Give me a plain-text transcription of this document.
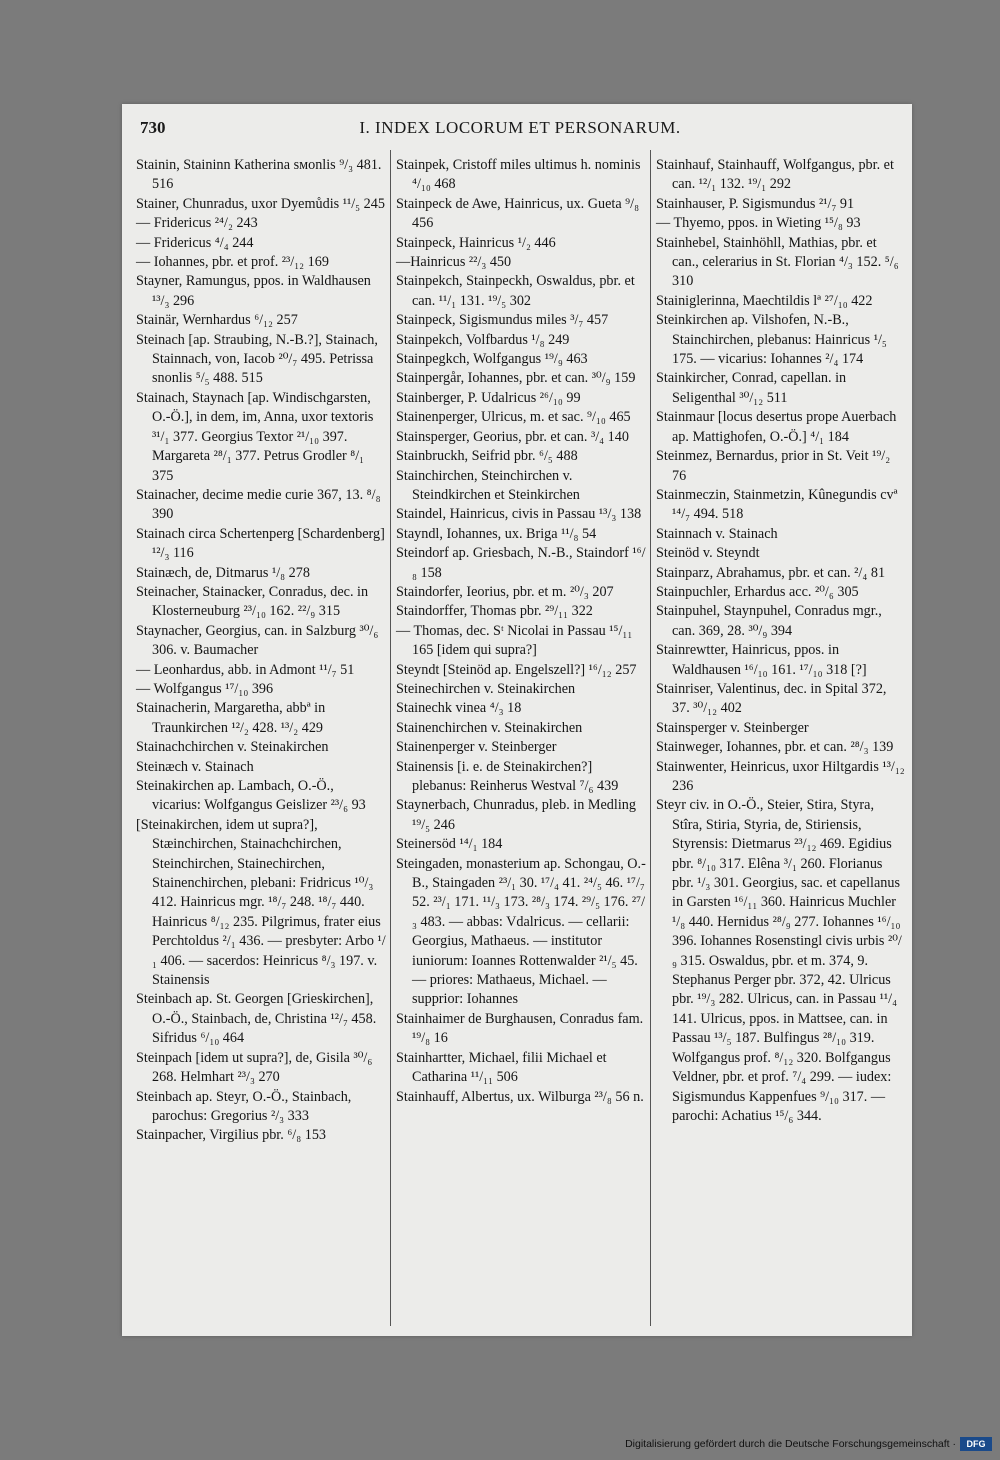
730	I. INDEX LOCORUM ET PERSONARUM.

Stainin, Staininn Katherina sмonlis ⁹/₃ 481. 516

Stainer, Chunradus, uxor Dyemůdis ¹¹/₅ 245

— Fridericus ²⁴/₂ 243

— Fridericus ⁴/₄ 244

— Iohannes, pbr. et prof. ²³/₁₂ 169

Stayner, Ramungus, ppos. in Waldhausen ¹³/₃ 296

Stainär, Wernhardus ⁶/₁₂ 257

Steinach [ap. Straubing, N.-B.?], Stainach, Stainnach, von, Iacob ²⁰/₇ 495. Petrissa snonlis ⁵/₅ 488. 515

Stainach, Staynach [ap. Windischgarsten, O.-Ö.], in dem, im, Anna, uxor textoris ³¹/₁ 377. Georgius Textor ²¹/₁₀ 397. Margareta ²⁸/₁ 377. Petrus Grodler ⁸/₁ 375

Stainacher, decime medie curie 367, 13. ⁸/₈ 390

Stainach circa Schertenperg [Schardenberg] ¹²/₃ 116

Stainæch, de, Ditmarus ¹/₈ 278

Steinacher, Stainacker, Conradus, dec. in Klosterneuburg ²³/₁₀ 162. ²²/₉ 315

Staynacher, Georgius, can. in Salzburg ³⁰/₆ 306. v. Baumacher

— Leonhardus, abb. in Admont ¹¹/₇ 51

— Wolfgangus ¹⁷/₁₀ 396

Stainacherin, Margaretha, abbª in Traunkirchen ¹²/₂ 428. ¹³/₂ 429

Stainachchirchen v. Steinakirchen

Steinæch v. Stainach

Steinakirchen ap. Lambach, O.-Ö., vicarius: Wolfgangus Geislizer ²³/₆ 93

[Steinakirchen, idem ut supra?], Stæinchirchen, Stainachchirchen, Steinchirchen, Stainechirchen, Stainenchirchen, plebani: Fridricus ¹⁰/₃ 412. Hainricus mgr. ¹⁸/₇ 248. ¹⁸/₇ 440. Hainricus ⁸/₁₂ 235. Pilgrimus, frater eius Perchtoldus ²/₁ 436. — presbyter: Arbo ¹/₁ 406. — sacerdos: Heinricus ⁸/₃ 197. v. Stainensis

Steinbach ap. St. Georgen [Grieskirchen], O.-Ö., Stainbach, de, Christina ¹²/₇ 458. Sifridus ⁶/₁₀ 464

Steinpach [idem ut supra?], de, Gisila ³⁰/₆ 268. Helmhart ²³/₃ 270

Steinbach ap. Steyr, O.-Ö., Stainbach, parochus: Gregorius ²/₃ 333

Stainpacher, Virgilius pbr. ⁶/₈ 153

Stainpek, Cristoff miles ultimus h. nominis ⁴/₁₀ 468

Stainpeck de Awe, Hainricus, ux. Gueta ⁹/₈ 456

Stainpeck, Hainricus ¹/₂ 446

—Hainricus ²²/₃ 450

Stainpekch, Stainpeckh, Oswaldus, pbr. et can. ¹¹/₁ 131. ¹⁹/₅ 302

Stainpeck, Sigismundus miles ³/₇ 457

Stainpekch, Volfbardus ¹/₈ 249

Stainpegkch, Wolfgangus ¹⁹/₉ 463

Stainpergår, Iohannes, pbr. et can. ³⁰/₉ 159

Stainberger, P. Udalricus ²⁶/₁₀ 99

Stainenperger, Ulricus, m. et sac. ⁹/₁₀ 465

Stainsperger, Georius, pbr. et can. ³/₄ 140

Stainbruckh, Seifrid pbr. ⁶/₅ 488

Stainchirchen, Steinchirchen v. Steindkirchen et Steinkirchen

Staindel, Hainricus, civis in Passau ¹³/₃ 138

Stayndl, Iohannes, ux. Briga ¹¹/₈ 54

Steindorf ap. Griesbach, N.-B., Staindorf ¹⁶/₈ 158

Staindorfer, Ieorius, pbr. et m. ²⁰/₃ 207

Staindorffer, Thomas pbr. ²⁹/₁₁ 322

— Thomas, dec. Sᵗ Nicolai in Passau ¹⁵/₁₁ 165 [idem qui supra?]

Steyndt [Steinöd ap. Engelszell?] ¹⁶/₁₂ 257

Steinechirchen v. Steinakirchen

Stainechk vinea ⁴/₃ 18

Stainenchirchen v. Steinakirchen

Stainenperger v. Steinberger

Stainensis [i. e. de Steinakirchen?] plebanus: Reinherus Westval ⁷/₆ 439

Staynerbach, Chunradus, pleb. in Medling ¹⁹/₅ 246

Steinersöd ¹⁴/₁ 184

Steingaden, monasterium ap. Schongau, O.-B., Staingaden ²³/₁ 30. ¹⁷/₄ 41. ²⁴/₅ 46. ¹⁷/₇ 52. ²³/₁ 171. ¹¹/₃ 173. ²⁸/₃ 174. ²⁹/₅ 176. ²⁷/₃ 483. — abbas: Vdalricus. — cellarii: Georgius, Mathaeus. — institutor iuniorum: Ioannes Rottenwalder ²¹/₅ 45. — priores: Mathaeus, Michael. — supprior: Iohannes

Stainhaimer de Burghausen, Conradus fam. ¹⁹/₈ 16

Stainhartter, Michael, filii Michael et Catharina ¹¹/₁₁ 506

Stainhauff, Albertus, ux. Wilburga ²³/₈ 56 n.

Stainhauf, Stainhauff, Wolfgangus, pbr. et can. ¹²/₁ 132. ¹⁹/₁ 292

Stainhauser, P. Sigismundus ²¹/₇ 91

— Thyemo, ppos. in Wieting ¹⁵/₈ 93

Stainhebel, Stainhöhll, Mathias, pbr. et can., celerarius in St. Florian ⁴/₃ 152. ⁵/₆ 310

Stainiglerinna, Maechtildis lª ²⁷/₁₀ 422

Steinkirchen ap. Vilshofen, N.-B., Stainchirchen, plebanus: Hainricus ¹/₅ 175. — vicarius: Iohannes ²/₄ 174

Stainkircher, Conrad, capellan. in Seligenthal ³⁰/₁₂ 511

Stainmaur [locus desertus prope Auerbach ap. Mattighofen, O.-Ö.] ⁴/₁ 184

Steinmez, Bernardus, prior in St. Veit ¹⁹/₂ 76

Stainmeczin, Stainmetzin, Kûnegundis cvª ¹⁴/₇ 494. 518

Stainnach v. Stainach

Steinöd v. Steyndt

Stainparz, Abrahamus, pbr. et can. ²/₄ 81

Stainpuchler, Erhardus acc. ²⁰/₆ 305

Stainpuhel, Staynpuhel, Conradus mgr., can. 369, 28. ³⁰/₉ 394

Stainrewtter, Hainricus, ppos. in Waldhausen ¹⁶/₁₀ 161. ¹⁷/₁₀ 318 [?]

Stainriser, Valentinus, dec. in Spital 372, 37. ³⁰/₁₂ 402

Stainsperger v. Steinberger

Stainweger, Iohannes, pbr. et can. ²⁸/₃ 139

Stainwenter, Heinricus, uxor Hiltgardis ¹³/₁₂ 236

Steyr civ. in O.-Ö., Steier, Stira, Styra, Stîra, Stiria, Styria, de, Stiriensis, Styrensis: Dietmarus ²³/₁₂ 469. Egidius pbr. ⁸/₁₀ 317. Elêna ³/₁ 260. Florianus pbr. ¹/₃ 301. Georgius, sac. et capellanus in Garsten ¹⁶/₁₁ 360. Hainricus Muchler ¹/₈ 440. Hernidus ²⁸/₉ 277. Iohannes ¹⁶/₁₀ 396. Iohannes Rosenstingl civis urbis ²⁰/₉ 315. Oswaldus, pbr. et m. 374, 9. Stephanus Perger pbr. 372, 42. Ulricus pbr. ¹⁹/₃ 282. Ulricus, can. in Passau ¹¹/₄ 141. Ulricus, ppos. in Mattsee, can. in Passau ¹³/₅ 187. Bulfingus ²⁸/₁₀ 319. Wolfgangus prof. ⁸/₁₂ 320. Bolfgangus Veldner, pbr. et prof. ⁷/₄ 299. — iudex: Sigismundus Kappenfues ⁹/₁₀ 317. — parochi: Achatius ¹⁵/₆ 344.

Digitalisierung gefördert durch die Deutsche Forschungsgemeinschaft ·	DFG
